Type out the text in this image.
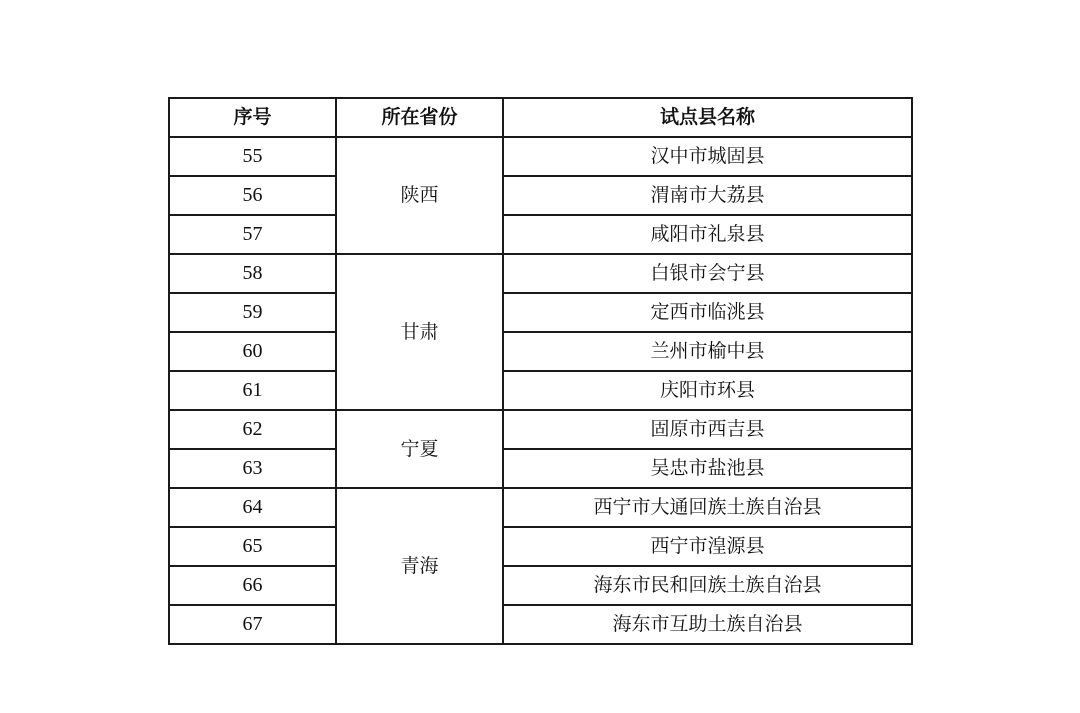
序号	所在省份	试点县名称
55	陕西	汉中市城固县
56		渭南市大荔县
57		咸阳市礼泉县
58	甘肃	白银市会宁县
59		定西市临洮县
60		兰州市榆中县
61		庆阳市环县
62	宁夏	固原市西吉县
63		吴忠市盐池县
64	青海	西宁市大通回族土族自治县
65		西宁市湟源县
66		海东市民和回族土族自治县
67		海东市互助土族自治县
